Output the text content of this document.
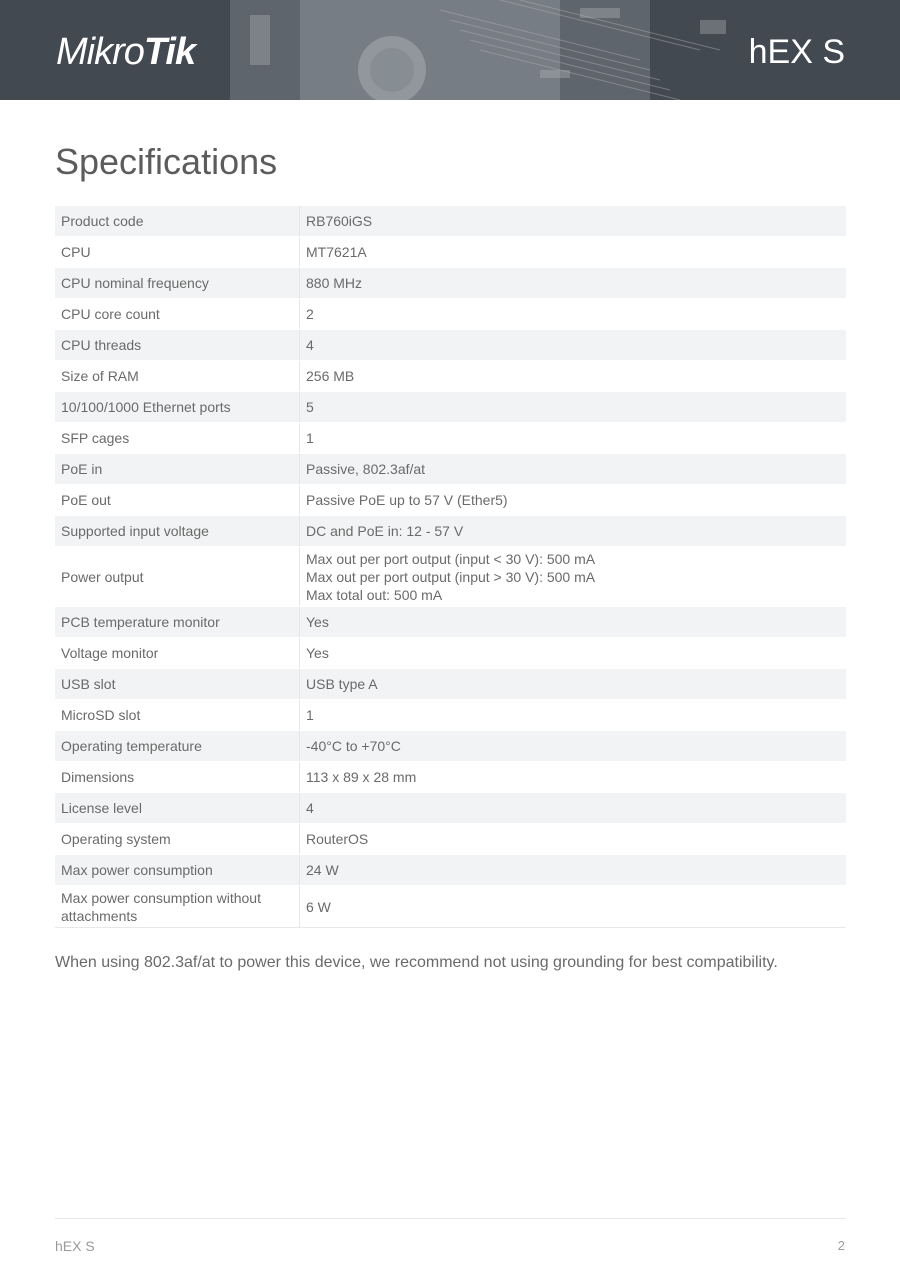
Mikro Tik	hEX S
Specifications
Product code	RB760iGS
CPU	MT7621A
CPU nominal frequency	880 MHz
CPU core count	2
CPU threads	4
Size of RAM	256 MB
10/100/1000 Ethernet ports	5
SFP cages	1
PoE in	Passive, 802.3af/at
PoE out	Passive PoE up to 57 V (Ether5)
Supported input voltage	DC and PoE in: 12 - 57 V
Power output	Max out per port output (input < 30 V): 500 mA
Max out per port output (input > 30 V): 500 mA
Max total out: 500 mA

PCB temperature monitor	Yes
Voltage monitor	Yes
USB slot	USB type A
MicroSD slot	1
Operating temperature	-40°C to +70°C
Dimensions	113 x 89 x 28 mm
License level	4
Operating system	RouterOS
Max power consumption	24 W
Max power consumption without attachments	6 W
When using 802.3af/at to power this device, we recommend not using grounding for best compatibility.
hEX S	2
